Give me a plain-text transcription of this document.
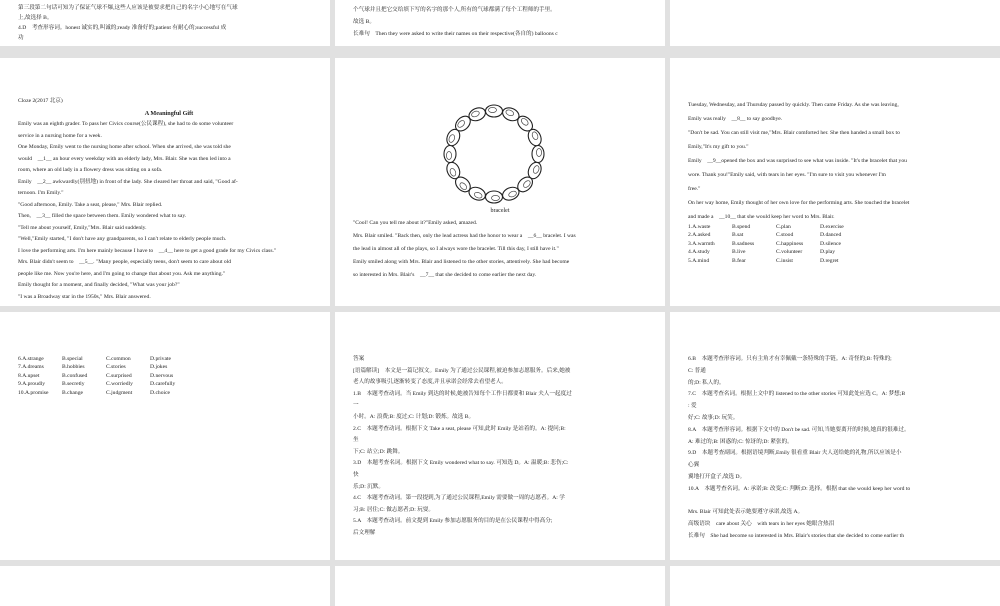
第三段第二句话可知为了保证气球不爆,这些人应该是被要求把自己的名字小心地写在气球
上,故选择 B。
4.D　考查形容词。honest 诚实的,叫诚的;ready 准备好的;patient 有耐心的;successful 成
功
个气球并且把它交给填下写的名字的那个人,所有的气球都满了每个工程师的手里。
故选 B。
长难句　Then they were asked to write their names on their respective(各自的) balloons c
Cloze 2(2017 北京)
A Meaningful Gift
Emily was an eighth grader. To pass her Civics course(公民课程), she had to do some volunteer
service in a nursing home for a week.
One Monday, Emily went to the nursing home after school. When she arrived, she was told she
would　__1__ an hour every weekday with an elderly lady, Mrs. Blair. She was then led into a
room, where an old lady in a flowery dress was sitting on a sofa.
Emily　__2__ awkwardly(别扭地) in front of the lady. She cleared her throat and said, "Good af-
ternoon. I'm Emily."
"Good afternoon, Emily. Take a seat, please," Mrs. Blair replied.
Then,　__3__ filled the space between them. Emily wondered what to say.
"Tell me about yourself, Emily,"Mrs. Blair said suddenly.
"Well,"Emily started, "I don't have any grandparents, so I can't relate to elderly people much.
I love the performing arts. I'm here mainly because I have to　__4__ here to get a good grade for my Civics class."
Mrs. Blair didn't seem to　__5__. "Many people, especially teens, don't seem to care about old
people like me. Now you're here, and I'm going to change that about you. Ask me anything."
Emily thought for a moment, and finally decided, "What was your job?"
"I was a Broadway star in the 1950s," Mrs. Blair answered.
bracelet
"Cool! Can you tell me about it?"Emily asked, amazed.
Mrs. Blair smiled. "Back then, only the lead actress had the honor to wear a　__6__ bracelet. I was
the lead in almost all of the plays, so I always wore the bracelet. Till this day, I still have it."
Emily smiled along with Mrs. Blair and listened to the other stories, attentively. She had become
so interested in Mrs. Blair's　__7__ that she decided to come earlier the next day.
Tuesday, Wednesday, and Thursday passed by quickly. Then came Friday. As she was leaving,
Emily was really　__8__ to say goodbye.
"Don't be sad. You can still visit me,"Mrs. Blair comforted her. She then handed a small box to
Emily,"It's my gift to you."
Emily　__9__opened the box and was surprised to see what was inside. "It's the bracelet that you
wore. Thank you!"Emily said, with tears in her eyes. "I'm sure to visit you whenever I'm
free."
On her way home, Emily thought of her own love for the performing arts. She touched the bracelet
and made a　__10__ that she would keep her word to Mrs. Blair.
1.A.waste	B.spend	C.plan	D.exercise
2.A.asked	B.sat	C.stood	D.danced
3.A.warmth	B.sadness	C.happiness	D.silence
4.A.study	B.live	C.volunteer	D.play
5.A.mind	B.fear	C.insist	D.regret
6.A.strange	B.special	C.common	D.private
7.A.dreams	B.hobbies	C.stories	D.jokes
8.A.upset	B.confused	C.surprised	D.nervous
9.A.proudly	B.secretly	C.worriedly	D.carefully
10.A.promise B.change	C.judgment	D.choice
答案
[语篇解读]　本文是一篇记叙文。Emily 为了通过公民课程,被迫参加志愿服务。后来,她被
老人的故事吸引,逐渐转变了态度,并且承诺会经常去看望老人。
1.B　本题考查动词。当 Emily 到达的时候,她被告知每个工作日都要和 Blair 夫人一起度过
一
小时。A: 浪费;B: 度过;C: 计划;D: 锻炼。故选 B。
2.C　本题考查动词。根据下文 Take a seat, please 可知,此时 Emily 是站着的。A: 提问;B:
坐
下;C: 站立;D: 跳舞。
3.D　本题考查名词。根据下文 Emily wondered what to say. 可知选 D。A: 温暖;B: 悲伤;C:
快
乐;D: 沉默。
4.C　本题考查动词。第一段提到,为了通过公民课程,Emily 需要做一周的志愿者。A: 学
习;B: 居住;C: 做志愿者;D: 玩耍。
5.A　本题考查动词。前文提到 Emily 参加志愿服务的目的是在公民课程中得高分;
后文理解
6.B　本题考查形容词。只有主角才有幸佩戴一条特殊的手链。A: 奇怪的;B: 特殊的;
C: 普通
的;D: 私人的。
7.C　本题考查名词。根据上文中的 listened to the other stories 可知此处应选 C。A: 梦想;B
: 爱
好;C: 故事;D: 玩笑。
8.A　本题考查形容词。根据下文中的 Don't be sad. 可知,当她要离开的时候,她真的很难过。
A: 难过的;B: 困惑的;C: 惊讶的;D: 紧张的。
9.D　本题考查副词。根据语境判断,Emily 很看重 Blair 夫人送给她的礼物,所以应该是小
心翼
翼地打开盒子,故选 D。
10.A　本题考查名词。A: 承诺;B: 改变;C: 判断;D: 选择。根据 that she would keep her word to
Mrs. Blair 可知此处表示她要遵守承诺,故选 A。
高级语块　care about 关心　with tears in her eyes 她眼含热泪
长难句　She had become so interested in Mrs. Blair's stories that she decided to come earlier th
